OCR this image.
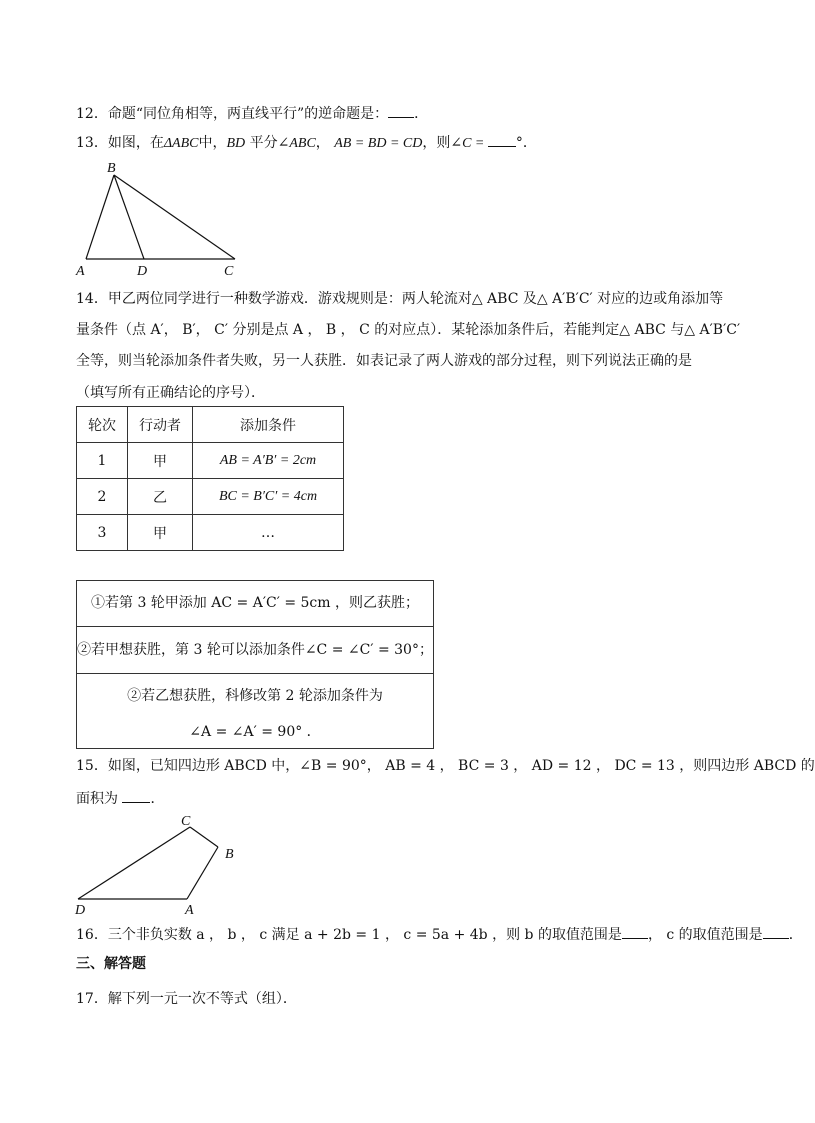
12．命题“同位角相等，两直线平行”的逆命题是： ．
13．如图，在ΔABC中，BD 平分∠ABC， AB = BD = CD，则∠C = °．
B
A	D	C
14．甲乙两位同学进行一种数学游戏．游戏规则是：两人轮流对△ ABC 及△ A′B′C′ 对应的边或角添加等
量条件（点 A′， B′， C′ 分别是点 A ， B ， C 的对应点）．某轮添加条件后，若能判定△ ABC 与△ A′B′C′
全等，则当轮添加条件者失败，另一人获胜．如表记录了两人游戏的部分过程，则下列说法正确的是
（填写所有正确结论的序号）．
轮次	行动者	添加条件
1	甲	AB = A′B′ = 2cm
2	乙	BC = B′C′ = 4cm
3	甲	…
①若第 3 轮甲添加 AC = A′C′ = 5cm ，则乙获胜；
②若甲想获胜，第 3 轮可以添加条件∠C = ∠C′ = 30°；
②若乙想获胜，科修改第 2 轮添加条件为
∠A = ∠A′ = 90° ．
15．如图，已知四边形 ABCD 中，∠B = 90°， AB = 4 ， BC = 3 ， AD = 12 ， DC = 13 ，则四边形 ABCD 的
面积为 ．
C
B
D	A
16．三个非负实数 a ， b ， c 满足 a + 2b = 1 ， c = 5a + 4b ，则 b 的取值范围是 ， c 的取值范围是 ．
三、解答题
17．解下列一元一次不等式（组）．
